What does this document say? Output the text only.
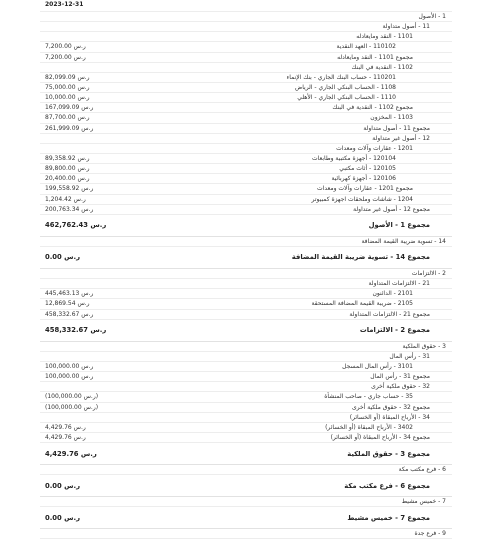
2023-12-31
1 - الأصول
11 - أصول متداولة
1101 - النقد ومايعادله
110102 - العهد النقدية
7,200.00 ر.س
مجموع 1101 - النقد ومايعادله
7,200.00 ر.س
1102 - النقدية في البنك
110201 - حساب البنك الجاري - بنك الإنماء
82,099.09 ر.س
1108 - الحساب البنكي الجاري - الرياض
75,000.00 ر.س
1110 - الحساب البنكي الجاري - الأهلي
10,000.00 ر.س
مجموع 1102 - النقدية في البنك
167,099.09 ر.س
1103 - المخزون
87,700.00 ر.س
مجموع 11 - أصول متداولة
261,999.09 ر.س
12 - أصول غير متداولة
1201 - عقارات وآلات ومعدات
120104 - أجهزة مكتبية وطابعات
89,358.92 ر.س
120105 - أثاث مكتبي
89,800.00 ر.س
120106 - أجهزة كهربائية
20,400.00 ر.س
مجموع 1201 - عقارات وآلات ومعدات
199,558.92 ر.س
1204 - شاشات وملحقات اجهزة كمبيوتر
1,204.42 ر.س
مجموع 12 - أصول غير متداولة
200,763.34 ر.س
مجموع 1 - الأصول
462,762.43 ر.س
14 - تسوية ضريبة القيمة المضافة
مجموع 14 - تسوية ضريبة القيمة المضافة
0.00 ر.س
2 - الالتزامات
21 - الالتزامات المتداولة
2101 - الدائنون
445,463.13 ر.س
2105 - ضريبة القيمة المضافة المستحقة
12,869.54 ر.س
مجموع 21 - الالتزامات المتداولة
458,332.67 ر.س
مجموع 2 - الالتزامات
458,332.67 ر.س
3 - حقوق الملكية
31 - رأس المال
3101 - رأس المال المسجل
100,000.00 ر.س
مجموع 31 - رأس المال
100,000.00 ر.س
32 - حقوق ملكية أخرى
35 - حساب جاري - صاحب المنشأة
(100,000.00 ر.س)
مجموع 32 - حقوق ملكية أخرى
(100,000.00 ر.س)
34 - الأرباح المبقاة (أو الخسائر)
3402 - الأرباح المبقاة (أو الخسائر)
4,429.76 ر.س
مجموع 34 - الأرباح المبقاة (أو الخسائر)
4,429.76 ر.س
مجموع 3 - حقوق الملكية
4,429.76 ر.س
6 - فرع مكتب مكة
مجموع 6 - فرع مكتب مكة
0.00 ر.س
7 - خميس مشيط
مجموع 7 - خميس مشيط
0.00 ر.س
9 - فرع جدة
